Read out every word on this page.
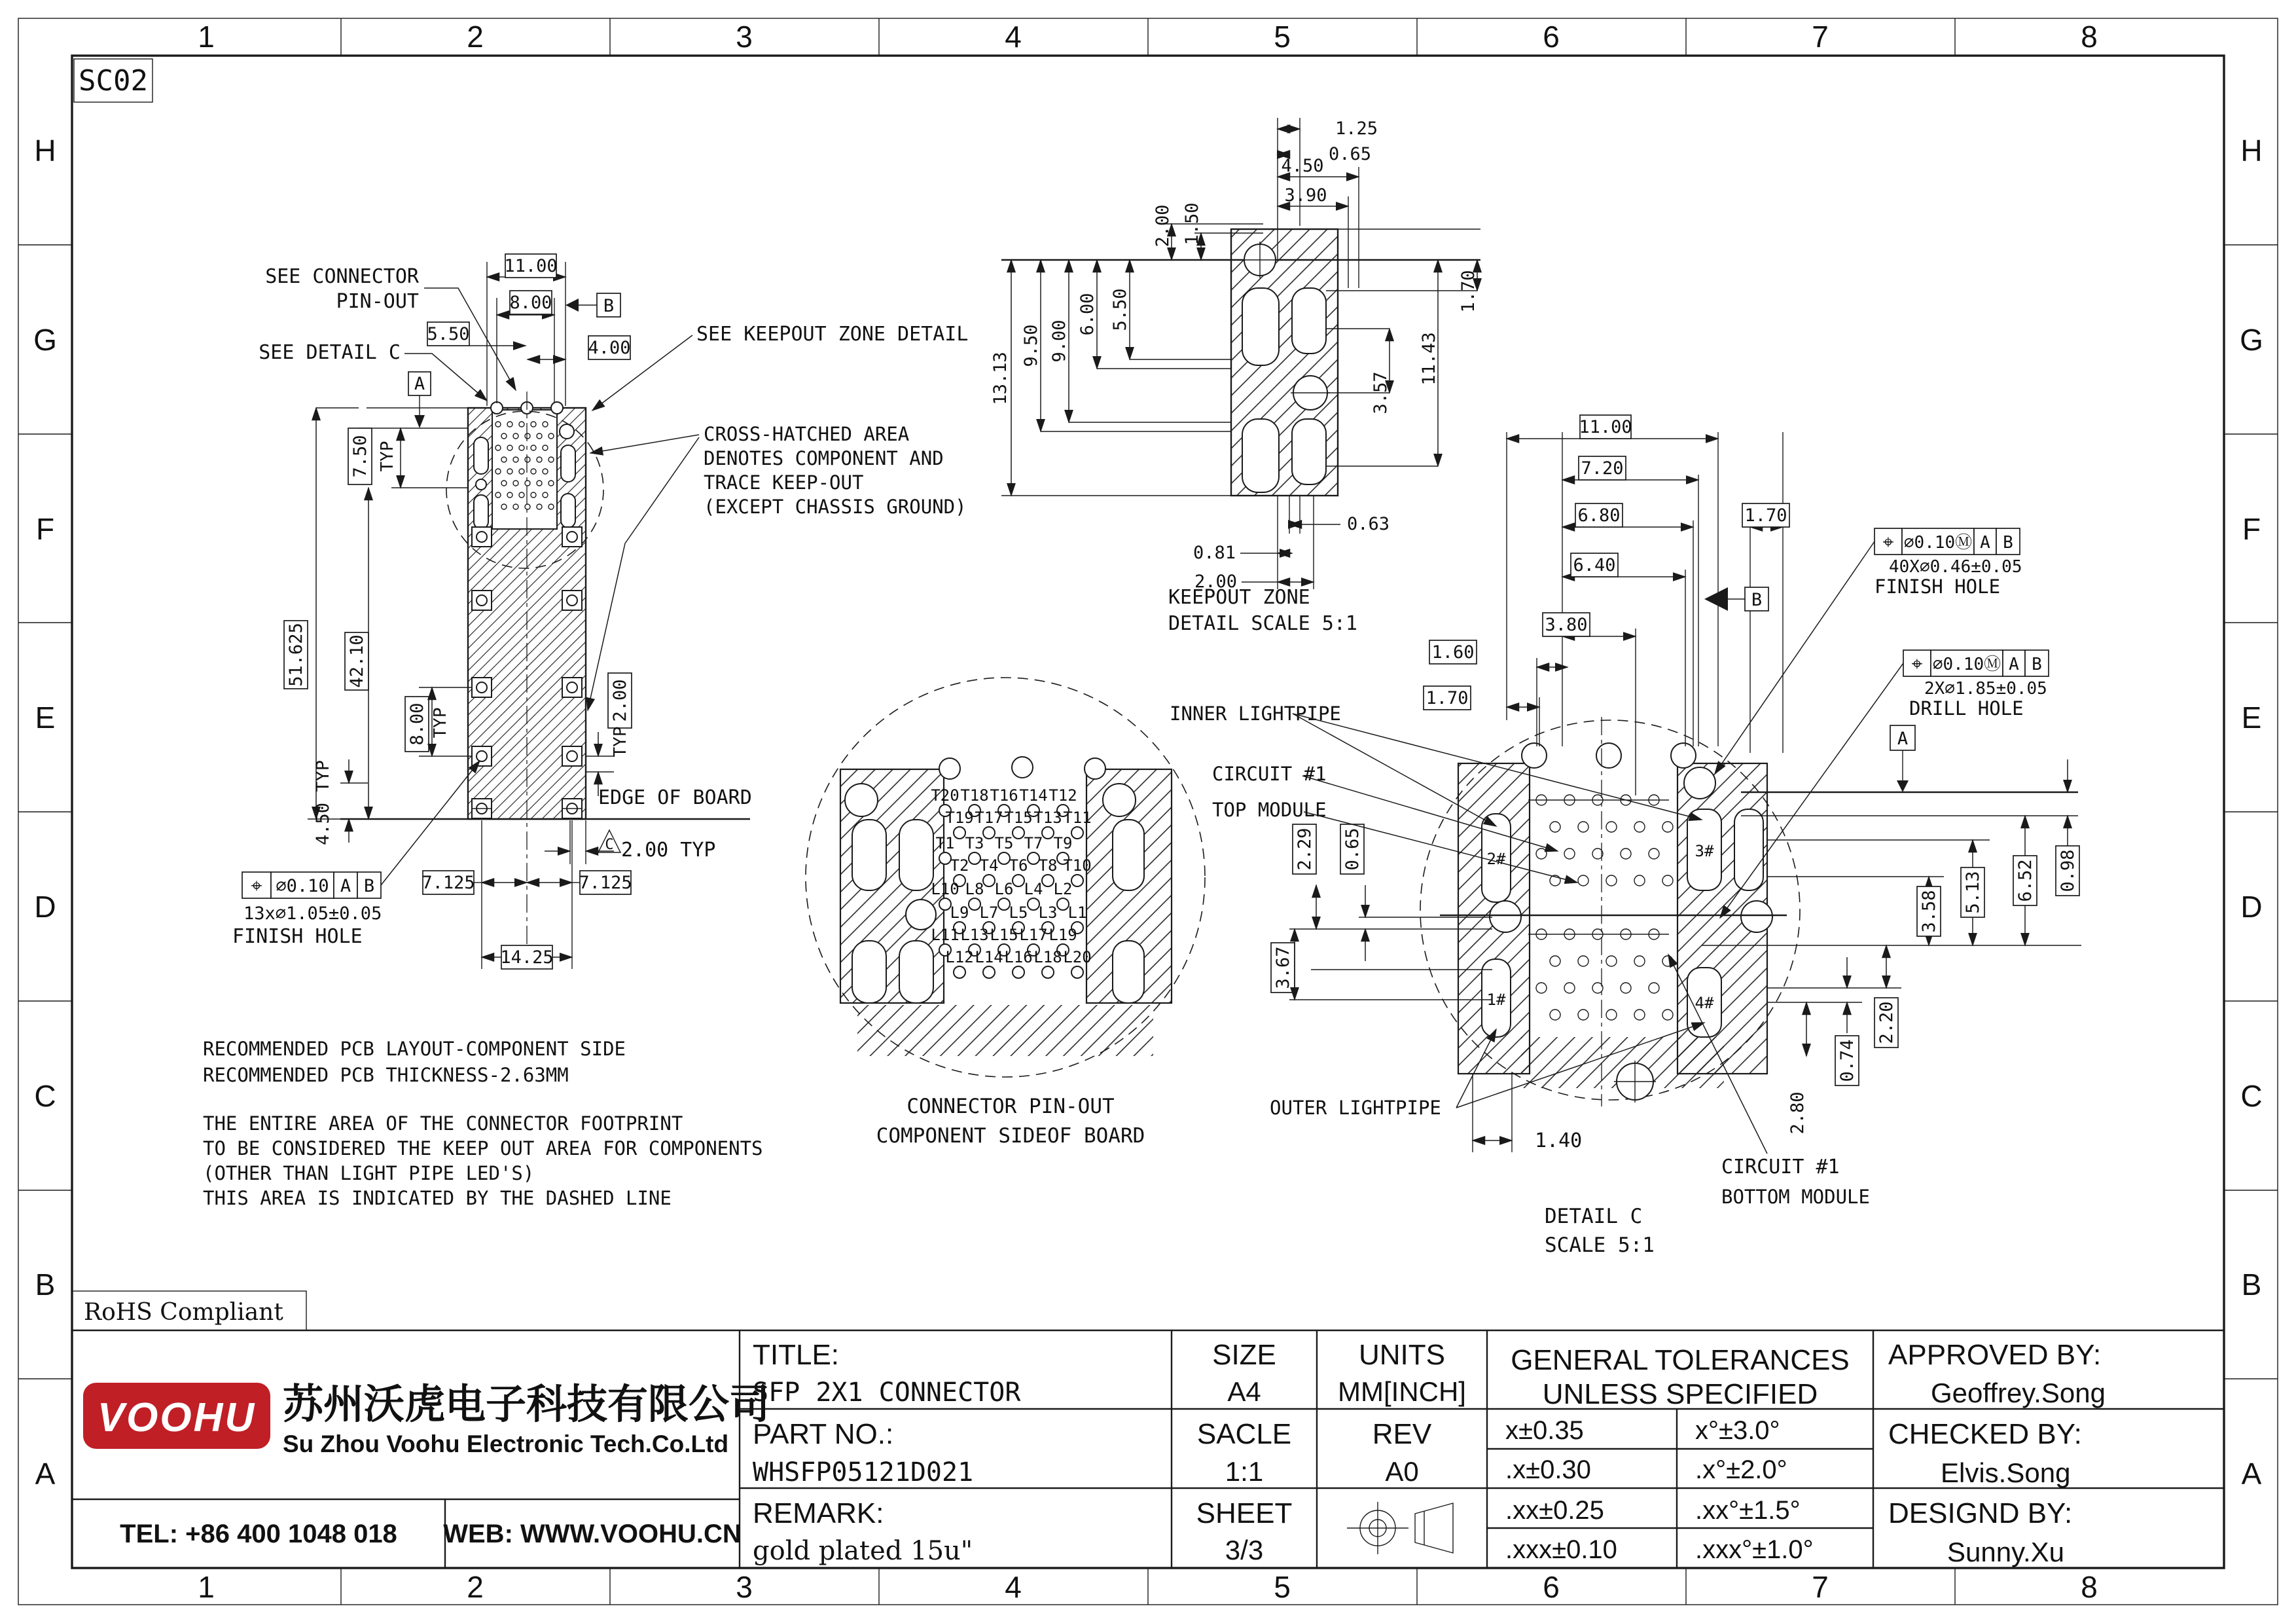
1	2	3	4	5	6	7	8
1	2	3	4	5	6	7	8
H
G
F
E
D
C
B
A
H
G
F
E
D
C
B
A
SC02
RoHS Compliant
SEE CONNECTOR
PIN-OUT
SEE DETAIL C
SEE KEEPOUT ZONE DETAIL
CROSS-HATCHED AREA
DENOTES COMPONENT AND
TRACE KEEP-OUT
(EXCEPT CHASSIS GROUND)
11.00
8.00	B
5.50
4.00
A
7.50 TYP
51.625 42.10
8.00 TYP
2.00
TYP
4.50 TYP	EDGE OF BOARD
C 2.00 TYP
7.125	7.125
14.25
⌖ ⌀0.10 A B
13x⌀1.05±0.05
FINISH HOLE
13.13
9.50 9.00
6.00 5.50
1.25
0.65
4.50
3.90
2.00 1.50
1.70
3.57
11.43
0.63
0.81
2.00
KEEPOUT ZONE
DETAIL SCALE 5:1
T20 T18 T16 T14 T12
T19 T17 T15 T13 T11
T1 T3 T5 T7 T9
T2 T4 T6 T8 T10
L10 L8 L6 L4 L2
L9 L7 L5 L3 L1
L11 L13 L15 L17 L19
L12 L14 L16 L18 L20
CONNECTOR PIN-OUT
COMPONENT SIDEOF BOARD
2#
1#
3#
4#
A
11.00
7.20
6.80	1.70
6.40
3.80
1.60
1.70
B
2.29 0.65
3.67
0.98
6.52
5.13
3.58
2.20
0.74
2.80
1.40
INNER LIGHTPIPE
CIRCUIT #1
TOP MODULE
OUTER LIGHTPIPE
CIRCUIT #1
BOTTOM MODULE
DETAIL C
SCALE 5:1
⌖ ⌀0.10Ⓜ A B
40X⌀0.46±0.05
FINISH HOLE
⌖ ⌀0.10Ⓜ A B
2X⌀1.85±0.05
DRILL HOLE
RECOMMENDED PCB LAYOUT-COMPONENT SIDE
RECOMMENDED PCB THICKNESS-2.63MM
THE ENTIRE AREA OF THE CONNECTOR FOOTPRINT
TO BE CONSIDERED THE KEEP OUT AREA FOR COMPONENTS
(OTHER THAN LIGHT PIPE LED'S)
THIS AREA IS INDICATED BY THE DASHED LINE
TITLE:
SFP 2X1 CONNECTOR
PART NO.:
WHSFP05121D021
REMARK:
gold plated 15u"
SIZE
A4
UNITS
MM[INCH]
SACLE
1:1
REV
A0
SHEET
3/3
GENERAL TOLERANCES
UNLESS SPECIFIED
x±0.35	x°±3.0°
.x±0.30	.x°±2.0°
.xx±0.25	.xx°±1.5°
.xxx±0.10	.xxx°±1.0°
APPROVED BY:
Geoffrey.Song
CHECKED BY:
Elvis.Song
DESIGND BY:
Sunny.Xu
VOOHU 苏州沃虎电子科技有限公司
Su Zhou Voohu Electronic Tech.Co.Ltd
TEL: +86 400 1048 018 WEB: WWW.VOOHU.CN
